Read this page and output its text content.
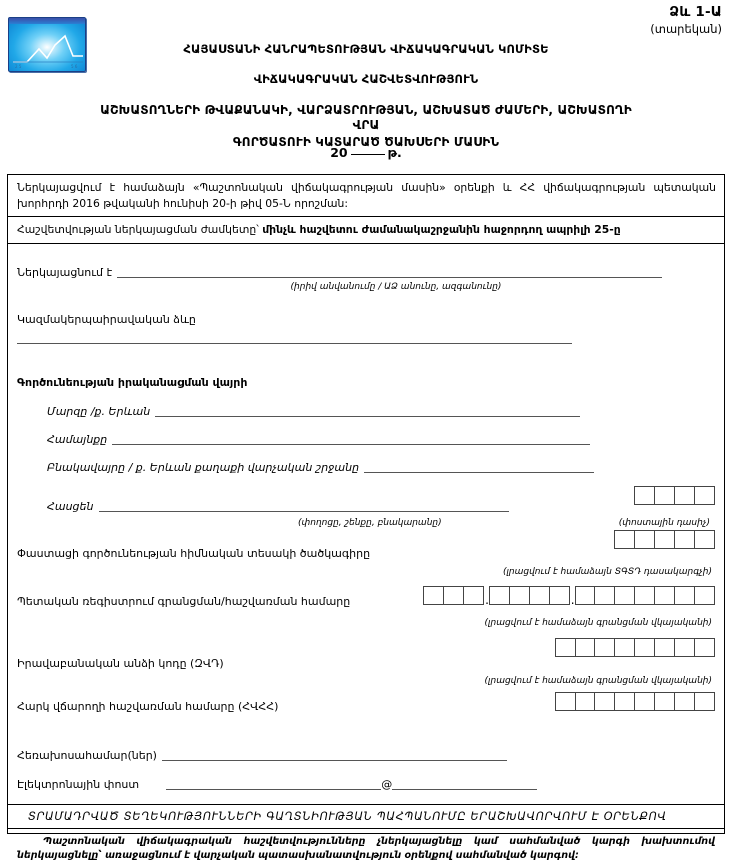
Ձև 1-Ա
(տարեկան)
2 5	5 6
ՀԱՅԱՍՏԱՆԻ ՀԱՆՐԱՊԵՏՈՒԹՅԱՆ ՎԻՃԱԿԱԳՐԱԿԱՆ ԿՈՄԻՏԵ
ՎԻՃԱԿԱԳՐԱԿԱՆ ՀԱՇՎԵՏՎՈՒԹՅՈՒՆ
ԱՇԽԱՏՈՂՆԵՐԻ ԹՎԱՔԱՆԱԿԻ, ՎԱՐՁԱՏՐՈՒԹՅԱՆ, ԱՇԽԱՏԱԾ ԺԱՄԵՐԻ, ԱՇԽԱՏՈՂԻ ՎՐԱ
ԳՈՐԾԱՏՈՒԻ ԿԱՏԱՐԱԾ ԾԱԽՍԵՐԻ ՄԱՍԻՆ
20	թ.

Ներկայացվում է համաձայն «Պաշտոնական վիճակագրության մասին» օրենքի և ՀՀ վիճակագրության պետական խորհրդի 2016 թվականի հունիսի 20-ի թիվ 05-Ն որոշման:

Հաշվետվության ներկայացման ժամկետը՝ մինչև հաշվետու ժամանակաշրջանին հաջորդող ապրիլի 25-ը

Ներկայացնում է
(իրիվ անվանումը / ԱՁ անունը, ազգանունը)
Կազմակերպաիրավական ձևը
Գործունեության իրականացման վայրի
Մարզը /ք. Երևան
Համայնքը
Բնակավայրը / ք. Երևան քաղաքի վարչական շրջանը
Հասցեն
(փողոցը, շենքը, բնակարանը)	(փոստային դասիչ)
Փաստացի գործունեության հիմնական տեսակի ծածկագիրը
(լրացվում է համաձայն ՏԳՏԴ դասակարգչի)
Պետական ռեգիստրում գրանցման/հաշվառման համարը	.	.
(լրացվում է համաձայն գրանցման վկայականի)
Իրավաբանական անձի կոդը (ԶՎԴ)
(լրացվում է համաձայն գրանցման վկայականի)
Հարկ վճարողի հաշվառման համարը (ՀՎՀՀ)
Հեռախոսահամար(ներ)
Էլեկտրոնային փոստ	@
ՏՐԱՄԱԴՐՎԱԾ ՏԵՂԵԿՈՒԹՅՈՒՆՆԵՐԻ ԳԱՂՏՆԻՈՒԹՅԱՆ ՊԱՀՊԱՆՈՒՄԸ ԵՐԱՇԽԱՎՈՐՎՈՒՄ Է ՕՐԵՆՔՈՎ
Պաշտոնական վիճակագրական հաշվետվությունները չներկայացնելը կամ սահմանված կարգի խախտումով ներկայացնելը՝ առաջացնում է վարչական պատասխանատվություն օրենքով սահմանված կարգով:
